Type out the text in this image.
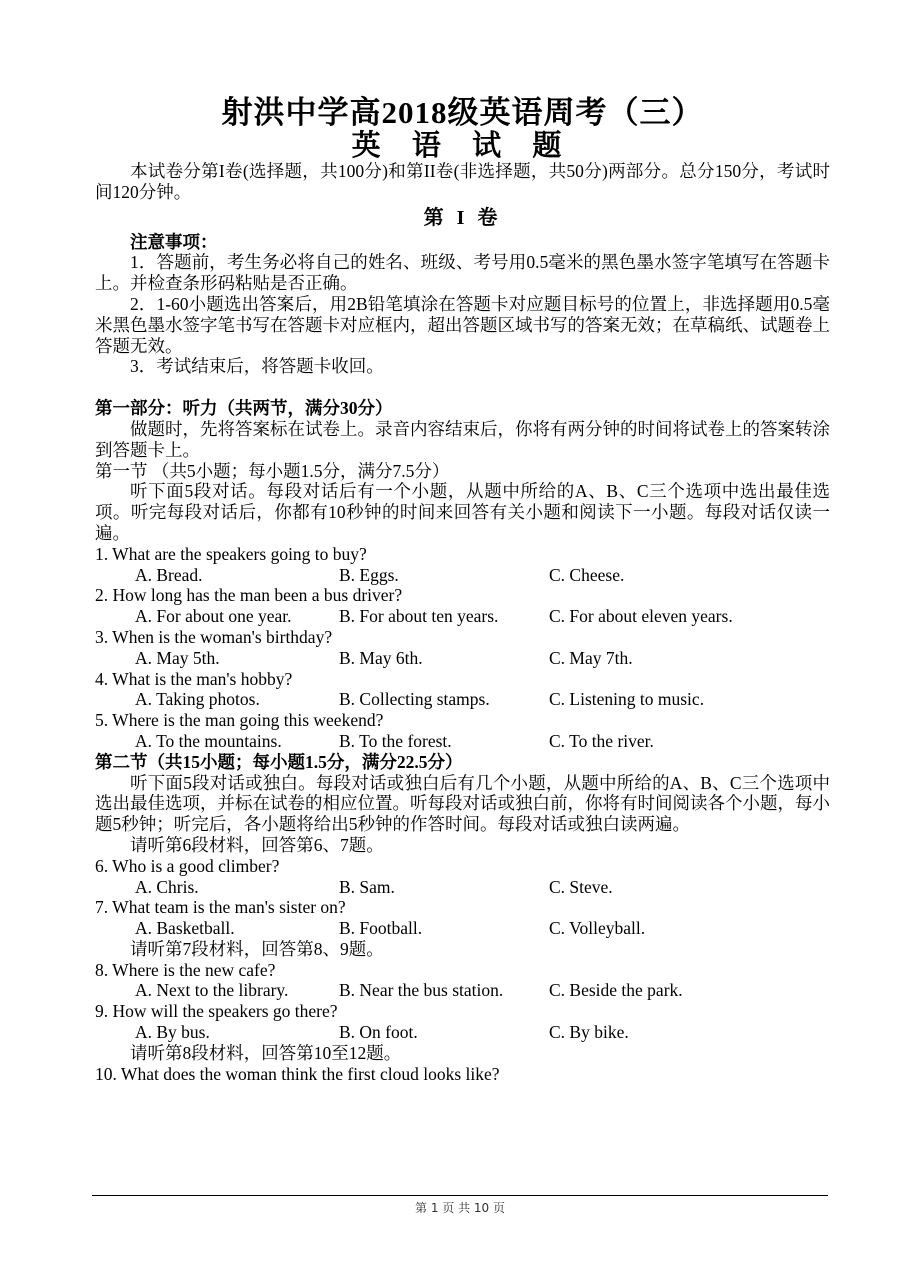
射洪中学高2018级英语周考（三）
英 语 试 题
本试卷分第I卷(选择题，共100分)和第II卷(非选择题，共50分)两部分。总分150分，考试时间120分钟。
第 I 卷
注意事项：
1．答题前，考生务必将自己的姓名、班级、考号用0.5毫米的黑色墨水签字笔填写在答题卡上。并检查条形码粘贴是否正确。
2．1-60小题选出答案后，用2B铅笔填涂在答题卡对应题目标号的位置上，非选择题用0.5毫米黑色墨水签字笔书写在答题卡对应框内，超出答题区域书写的答案无效；在草稿纸、试题卷上答题无效。
3．考试结束后，将答题卡收回。
第一部分：听力（共两节，满分30分）
做题时，先将答案标在试卷上。录音内容结束后，你将有两分钟的时间将试卷上的答案转涂到答题卡上。
第一节 （共5小题；每小题1.5分，满分7.5分）
听下面5段对话。每段对话后有一个小题，从题中所给的A、B、C三个选项中选出最佳选项。听完每段对话后，你都有10秒钟的时间来回答有关小题和阅读下一小题。每段对话仅读一遍。
1. What are the speakers going to buy?
A. Bread.	B. Eggs.	C. Cheese.
2. How long has the man been a bus driver?
A. For about one year.	B. For about ten years.	C. For about eleven years.
3. When is the woman's birthday?
A. May 5th.	B. May 6th.	C. May 7th.
4. What is the man's hobby?
A. Taking photos.	B. Collecting stamps.	C. Listening to music.
5. Where is the man going this weekend?
A. To the mountains.	B. To the forest.	C. To the river.
第二节（共15小题；每小题1.5分，满分22.5分）
听下面5段对话或独白。每段对话或独白后有几个小题，从题中所给的A、B、C三个选项中选出最佳选项，并标在试卷的相应位置。听每段对话或独白前，你将有时间阅读各个小题，每小题5秒钟；听完后，各小题将给出5秒钟的作答时间。每段对话或独白读两遍。
请听第6段材料，回答第6、7题。
6. Who is a good climber?
A. Chris.	B. Sam.	C. Steve.
7. What team is the man's sister on?
A. Basketball.	B. Football.	C. Volleyball.
请听第7段材料，回答第8、9题。
8. Where is the new cafe?
A. Next to the library.	B. Near the bus station.	C. Beside the park.
9. How will the speakers go there?
A. By bus.	B. On foot.	C. By bike.
请听第8段材料，回答第10至12题。
10. What does the woman think the first cloud looks like?
第 1 页 共 10 页
